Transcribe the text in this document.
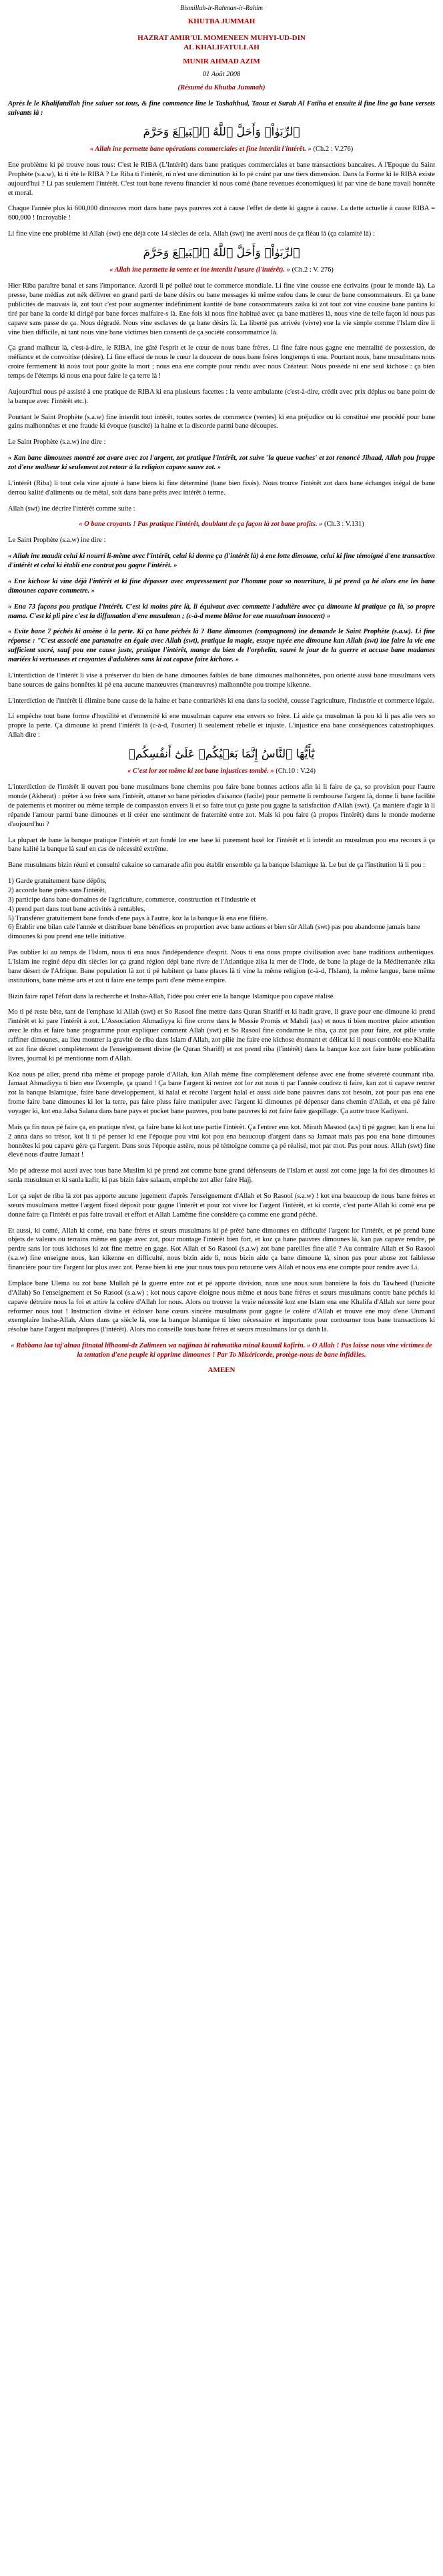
Bismillah-ir-Rahman-ir-Rahim
KHUTBA JUMMAH
HAZRAT AMIR'UL MOMENEEN MUHYI-UD-DIN
AL KHALIFATULLAH
MUNIR AHMAD AZIM
01 Août 2008
(Résumé du Khutba Jummah)

Après le le Khalifatullah fine saluer sot tous, & fine commence line le Tashahhud, Taouz et Surah Al Fatiha et ensuite il fine line ga bane versets suivants là :

ٱلرِّبَوٰاْۚ وَأَحَلَّ ٱللَّهُ ٱلۡبَيۡعَ وَحَرَّمَ
« Allah ine permette bane opérations commerciales et fine interdit l'intérêt. » (Ch.2 : V.276)

Ene problème ki pé trouve nous tous: C'est le RIBA (L'Intérêt) dans bane pratiques commerciales et bane transactions bancaires. A l'Epoque du Saint Prophète (s.a.w), ki ti été le RIBA ? Le Riba ti l'intérêt, ni n'est une diminution ki lo pé craint par une tiers dimension. Dans la Forme ki le RIBA existe aujourd'hui ? Li pas seulement l'intérêt. C'est tout bane revenu financier ki nous comé (bane revenues économiques) ki par vine de bane travail honnête et moral.

Chaque l'année plus ki 600,000 dinosores mort dans bane pays pauvres zot à cause l'effet de dette ki gagne à cause. La dette actuelle à cause RIBA = 600,000 ! Incroyable !

Li fine vine ene problème ki Allah (swt) ene déjà cote 14 siècles de cela. Allah (swt) ine averti nous de ça fléau là (ça calamité là) :

ٱلرِّبَوٰاْۚ وَأَحَلَّ ٱللَّهُ ٱلۡبَيۡعَ وَحَرَّمَ
« Allah ine permette la vente et ine interdit l'usure (l'intérêt). » (Ch.2 : V. 276)

Hier Riba paraître banal et sans l'importance. Azordi li pé pollué tout le commerce mondiale. Li fine vine cousse ene écrivains (pour le monde là). La presse, bane médias zot nék délivrer en grand parti de bane désirs ou bane messages ki même enfou dans le cœur de bane consommateurs. Et ça bane publicités de mauvais là, zot tout c'est pour augmenter indéfiniment kantité de bane consommateurs zaika ki zot tout zot vine cousine bane pantins ki tiré par bane la corde ki dirigé par bane forces malfaire-s là. Ene fois ki nous fine habitué avec ça bane matières là, nous vine de telle façon ki nous pas capave sans passe de ça. Nous dégradé. Nous vine esclaves de ça bane désirs là. La liberté pas arrivée (vivre) ene la vie simple comme l'Islam dire li vine bien difficile, ni tant nous vine bane victimes bien consenti de ça société consommatrice là.

Ça grand malheur là, c'est-à-dire, le RIBA, ine gâté l'esprit et le cœur de nous bane frères. Li fine faire nous gagne ene mentalité de possession, de méfiance et de convoitise (désire). Li fine effacé de nous le cœur la douceur de nous bane frères longtemps ti ena. Pourtant nous, bane musulmans nous croire fermement ki nous tout pour goûte la mort ; nous ena ene compte pour rendu avec nous Créateur. Nous possède ni ene seul kichose : ça bien temps de l'étemps ki nous ena pour faire le ça terre là !

Aujourd'hui nous pé assisté à ene pratique de RIBA ki ena plusieurs facettes : la vente ambulante (c'est-à-dire, crédit avec prix déplus ou bane point de la banque avec l'intérêt etc.).

Pourtant le Saint Prophète (s.a.w) fine interdit tout intérêt, toutes sortes de commerce (ventes) ki ena préjudice ou ki constitué ene procédé pour bane gains malhonnêtes et ene fraude ki évoque (suscité) la haine et la discorde parmi bane découpes.

Le Saint Prophète (s.a.w) ine dire :

« Kan bane dimounes montré zot avare avec zot l'argent, zot pratique l'intérêt, zot suive 'la queue vaches' et zot renoncé Jihaad, Allah pou frappe zot d'ene malheur ki seulement zot retour à la religion capave sauve zot. »

L'intérêt (Riba) li tout cela vine ajouté à bane biens ki fine déterminé (bane bien fixés). Nous trouve l'intérêt zot dans bane échanges inégal de bane derrou kalité d'aliments ou de métal, soit dans bane prêts avec intérêt à terme.

Allah (swt) ine décrire l'intérêt comme suite :

« O bane croyants ! Pas pratique l'intérêt, doublant de ça façon là zot bane profits. » (Ch.3 : V.131)

Le Saint Prophète (s.a.w) ine dire :

« Allah ine maudit celui ki nourri li-même avec l'intérêt, celui ki donne ça (l'intérêt là) à ene lotte dimoune, celui ki fine témoigné d'ene transaction d'intérêt et celui ki établi ene contrat pou gagne l'intérêt. »

« Ene kichose ki vine déjà l'intérêt et ki fine dépasser avec empressement par l'homme pour so nourriture, li pé prend ça hé alors ene les bane dimounes capave commetre. »

« Ena 73 façons pou pratique l'intérêt. C'est ki moins pire là, li équivaut avec commette l'adultère avec ça dimoune ki pratique ça là, so propre mama. C'est ki pli pire c'est la diffamation d'ene musulman ; (c-à-d meme blâme lor ene musulman innocent) »

« Evite bane 7 péchés ki amène à la perte. Ki ça bane péchés là ? Bane dimounes (compagnons) ine demande le Saint Prophète (s.a.w). Li fine réponse : "C'est associé ene partenaire en égale avec Allah (swt), pratique la magie, essaye tuyée ene dimoune kan Allah (swt) ine faire la vie ene sufficient sacré, sauf pou ene cause juste, pratique l'intérêt, mange du bien de l'orphelin, sauvé le jour de la guerre et accuse bane madames mariées ki vertueuses et croyantes d'adultères sans ki zot capave faire kichose. »

L'interdiction de l'intérêt li vise à préserver du bien de bane dimounes faibles de bane dimounes malhonnêtes, pou orienté aussi bane musulmans vers bane sources de gains honnêtes ki pé ena aucune manœuvres (manœuvres) malhonnête pou trompe kikenne.

L'interdiction de l'intérêt li élimine bane cause de la haine et bane contrariétés ki ena dans la société, cousse l'agriculture, l'industrie et commerce légale.

Li empêche tout bane forme d'hostilité et d'ennemité ki ene musulman capave ena envers so frère. Li aide ça musulman là pou ki li pas alle vers so propre la perte. Ça dimoune ki prend l'intérêt là (c-à-d, l'usurier) li seulement rebelle et injuste. L'injustice ena bane conséquences catastrophiques. Allah dire :

يَٰٓأَيُّهَا ٱلنَّاسُ إِنَّمَا بَغۡيُكُمۡ عَلَىٰٓ أَنفُسِكُمۖ
« C'est lor zot même ki zot bane injustices tombé. » (Ch.10 : V.24)

L'interdiction de l'intérêt li ouvert pou bane musulmans bane chemins pou faire bane bonnes actions afin ki li faire de ça, so provision pour l'autre monde (Akherat) : prêter à so frère sans l'intérêt, attaner so bane périodes d'aisance (facile) pour permette li rembourse l'argent là, donne li bane facilité de paiements et montrer ou même temple de compassion envers li et so faire tout ça juste pou gagne la satisfaction d'Allah (swt). Ça manière d'agir là li répande l'amour parmi bane dimounes et li créer ene sentiment de fraternité entre zot. Mais ki pou faire (à propos l'intérêt) dans le monde moderne d'aujourd'hui ?

La plupart de bane la banque pratique l'intérêt et zot fondé lor ene base ki purement basé lor l'intérêt et li interdit au musulman pou ena recours à ça bane kalité la banque là sauf en cas de nécessité extrême.

Bane musulmans bizin réuni et consulté cakaine so camarade afin pou établir ensemble ça la banque Islamique là. Le but de ça l'institution là li pou :

1) Garde gratuitement bane dépôts,
2) accorde bane prêts sans l'intérêt,
3) participe dans bane domaines de l'agriculture, commerce, construction et l'industrie et
4) prend part dans tout bane activités à rentables,
5) Transférer gratuitement bane fonds d'ene pays à l'autre, koz la la banque là ena ene filière.
6) Établir ene bilan cale l'année et distribuer bane bénéfices en proportion avec bane actions et bien sûr Allah (swt) pas pou abandonne jamais bane dimounes ki pou prend ene telle initiative.

Pas oublier ki au temps de l'Islam, nous ti ena nous l'indépendence d'esprit. Nous ti ena nous propre civilisation avec bane traditions authentiques. L'Islam ine reginé dépu dix siècles lor ça grand région dépi bane rivre de l'Atlantique zika la mer de l'Inde, de bane la plage de la Méditerranée zika bane désert de l'Afrique. Bane population là zot ti pé habitent ça bane places là ti vine la même religion (c-à-d, l'Islam), la même langue, bane même institutions, bane même arts et zot ti faire ene temps parti d'ene même empire.

Bizin faire rapel l'éfort dans la recherche et Insha-Allah, l'idée pou créer ene la banque Islamique pou capave réalisé.

Mo ti pé reste bête, tant de l'emphase ki Allah (swt) et So Rasool fine mettre dans Quran Shariff et ki hadit grave, li grave pour ene dimoune ki prend l'intérêt et ki pare l'intérêt à zot. L'Association Ahmadiyya ki fine crorre dans le Messie Promis et Mahdi (a.s) et nous ti bien montrer plaire attention avec le riba et faire bane programme pour expliquer comment Allah (swt) et So Rasool fine condamne le riba, ça zot pas pour faire, zot pilie vraiie raffiner dimounes, au lieu montrer la gravité de riba dans Islam d'Allah, zot pilie ine faire ene kichose étonnant et délicat ki li nous contrôle ene Khalifa et zot fine décret complètement de l'enseignement divine (le Quran Shariff) et zot prend riba (l'intérêt) dans la banque koz zot faire bane publication livres, journal ki pé mentionne nom d'Allah.

Koz nous pé aller, prend riba même et propage parole d'Allah, kan Allah même fine complètement défense avec ene frome sévéreté counmant riba. Jamaat Ahmadiyya ti bien ene l'exemple, ça quand ! Ça bane l'argent ki rentrer zot lor zot nous ti par l'année coudrez ti faire, kan zot ti capave rentrer zot la banque Islamique, faire bane développement, ki halal et récolté l'argent halal et aussi aide bane pauvres dans zot besoin, zot pour pas ena ene frome faire bane dimounes ki lor la terre, pas faire pluss faire manipuler avec l'argent ki dimounes pé dépenser dans chemin d'Allah, et ena pé faire voyager ki, kot ena Jalsa Salana dans bane pays et pocket bane pauvres, pou bane pauvres ki zot faire faire gaspillage. Ça autre trace Kadiyani.

Mais ça fin nous pé faire ça, en pratique n'est, ça faire bane ki kot une partie l'intérêt. Ça l'entrer enn kot. Mirath Masood (a.s) ti pé gagner, kan li ena lui 2 anna dans so trésor, kot li ti pé penser ki ene l'époque pou vini kot pou ena beaucoup d'argent dans sa Jamaat mais pas pou ena bane dimounes honnêtes ki pou capave gère ça l'argent. Dans sous l'époque astère, nous pé témoigne comme ça pé réalisé, mot par mot. Pas pour nous. Allah (swt) fine élevé nous d'autre Jamaat !

Mo pé adresse moi aussi avec tous bane Muslim ki pé prend zot comme bane grand défenseurs de l'Islam et aussi zot come juge la foi des dimounes ki sanla musulman et ki sanla kafir, ki pas bizin faire salaam, empêche zot aller faire Hajj.

Lor ça sujet de riba là zot pas apporte aucune jugement d'après l'enseignement d'Allah et So Rasool (s.a.w) ! kot ena beaucoup de nous bane frères et sœurs musulmans mettre l'argent fixed déposit pour gagne l'intérêt et pour zot vivre lor l'argent l'intérêt, et ki comté, c'est parte Allah ki comé ena pé donne faire ça l'intérêt et pas faire travail et effort et Allah Lamême fine considère ça comme ene grand péché.

Et aussi, ki comé, Allah ki comé, ena bane frères et sœurs musulmans ki pé prêté bane dimounes en difficulté l'argent lor l'intérêt, et pé prend bane objets de valeurs ou terrains même en gage avec zot, pour montage l'intérêt bien fort, et koz ça bane pauvres dimounes là, kan pas capave rendre, pé perdre sans lor tous kichoses ki zot fine mettre en gage. Kot Allah et So Rasool (s.a.w) zot bane pareilles fine allé ? Au contraire Allah et So Rasool (s.a.w) fine enseigne nous, kan kikenne en difficulté, nous bizin aide li, nous bizin aide ça bane dimoune là, sinon pas pour abuse zot faiblesse financière pour tire l'argent lor plus avec zot. Pense bien ki ene jour nous tous pou retourne vers Allah et nous ena ene compte pour rendre avec Li.

Emplace bane Ulema ou zot bane Mullah pé la guerre entre zot et pé apporte division, nous une nous sous bannière la fois du Tawheed (l'unicité d'Allah) So l'enseignement et So Rasool (s.a.w) ; kot nous capave éloigne nous même et nous bane frères et sœurs musulmans contre bane péchés ki capave détruire nous la foi et attire la colère d'Allah lor nous. Alors ou trouver la vraie nécessité koz ene Islam ena ene Khalifa d'Allah sur terre pour reformer nous tout ! Instruction divine et écloser bane cœurs sincère musulmans pour gagne le colère d'Allah et trouve ene moy d'ene Unmand exemplaire Insha-Allah. Alors dans ça siècle là, ene la banque Islamique ti bien nécessaire et importante pour contourner tous bane transactions ki résolue bane l'argent malpropres (l'intérêt). Alors mo conseille tous bane frères et sœurs musulmans lor ça danh là.

« Rabbana laa taj'alnaa fitnatal lilhaomi-dz Zalimeen wa najjinaa bi rahmatika minal kaumil kafirin. » O Allah ! Pas laisse nous vine victimes de la tentation d'ene peuple ki opprime dimounes ! Par To Miséricorde, protège-nous de bane infidèles.
AMEEN
